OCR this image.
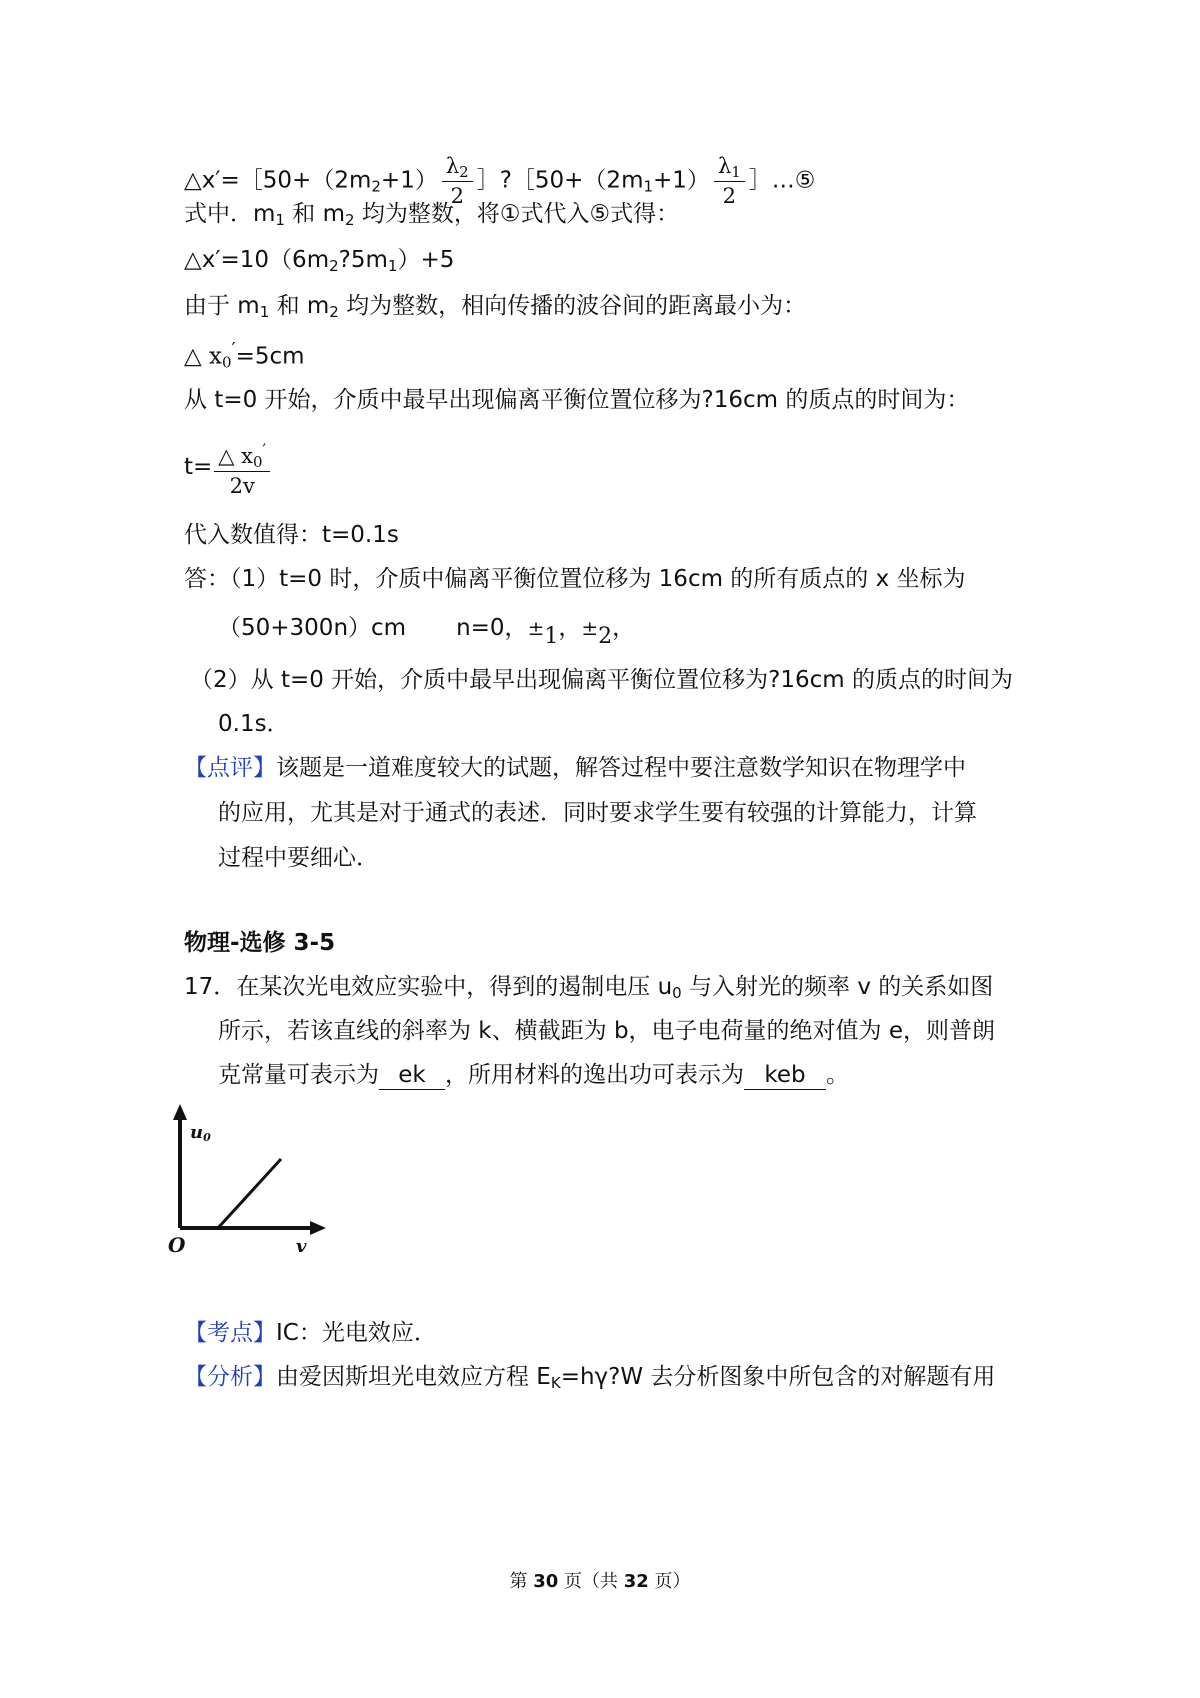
$\triangle x'=[50+(2m_2+1) \frac{\lambda_2}{2}$ $]?[50+(2m_1+1) \frac{\lambda_1}{2}$ ］…⑤
式中．$m_1$ 和 $m_2$ 均为整数，将①式代入⑤式得：
$\triangle x'=10(6m_2?5m_1)+5$
由于 $m_1$ 和 $m_2$ 均为整数，相向传播的波谷间的距离最小为：
△ $x_0'=5cm$
从 t=0 开始，介质中最早出现偏离平衡位置位移为?16cm 的质点的时间为：
$t= \frac{\triangle x_0'}{2v}$
代入数值得：t=0.1s
答：（1）t=0 时，介质中偏离平衡位置位移为 16cm 的所有质点的 x 坐标为
（50+300n）cm n=0，±1，±2，
（2）从 t=0 开始，介质中最早出现偏离平衡位置位移为?16cm 的质点的时间为
0.1s．
【点评】该题是一道难度较大的试题，解答过程中要注意数学知识在物理学中
的应用，尤其是对于通式的表述．同时要求学生要有较强的计算能力，计算
过程中要细心．
物理-选修 3-5
17．在某次光电效应实验中，得到的遏制电压 $u_0$ 与入射光的频率 v 的关系如图
所示，若该直线的斜率为 k、横截距为 b，电子电荷量的绝对值为 e，则普朗
克常量可表示为 ek ，所用材料的逸出功可表示为 keb 。
u0
v
O
【考点】IC：光电效应．
【分析】由爱因斯坦光电效应方程 $E_K=h\gamma?W$ 去分析图象中所包含的对解题有用
第 30 页（共 32 页）
